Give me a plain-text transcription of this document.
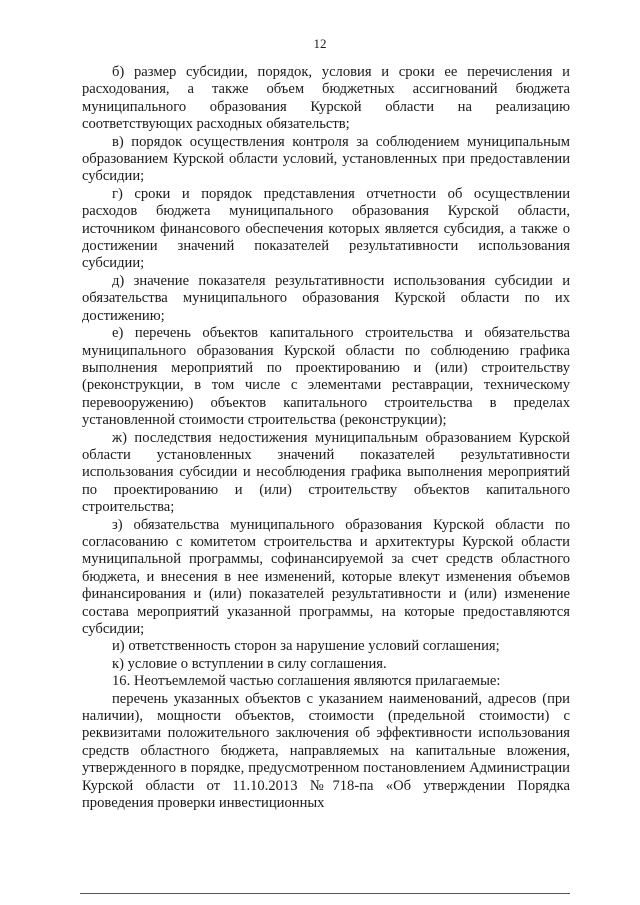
12

б) размер субсидии, порядок, условия и сроки ее перечисления и расходования, а также объем бюджетных ассигнований бюджета муниципального образования Курской области на реализацию соответствующих расходных обязательств;

в) порядок осуществления контроля за соблюдением муниципальным образованием Курской области условий, установленных при предоставлении субсидии;

г) сроки и порядок представления отчетности об осуществлении расходов бюджета муниципального образования Курской области, источником финансового обеспечения которых является субсидия, а также о достижении значений показателей результативности использования субсидии;

д) значение показателя результативности использования субсидии и обязательства муниципального образования Курской области по их достижению;

е) перечень объектов капитального строительства и обязательства муниципального образования Курской области по соблюдению графика выполнения мероприятий по проектированию и (или) строительству (реконструкции, в том числе с элементами реставрации, техническому перевооружению) объектов капитального строительства в пределах установленной стоимости строительства (реконструкции);

ж) последствия недостижения муниципальным образованием Курской области установленных значений показателей результативности использования субсидии и несоблюдения графика выполнения мероприятий по проектированию и (или) строительству объектов капитального строительства;

з) обязательства муниципального образования Курской области по согласованию с комитетом строительства и архитектуры Курской области муниципальной программы, софинансируемой за счет средств областного бюджета, и внесения в нее изменений, которые влекут изменения объемов финансирования и (или) показателей результативности и (или) изменение состава мероприятий указанной программы, на которые предоставляются субсидии;

и) ответственность сторон за нарушение условий соглашения;

к) условие о вступлении в силу соглашения.

16. Неотъемлемой частью соглашения являются прилагаемые:

перечень указанных объектов с указанием наименований, адресов (при наличии), мощности объектов, стоимости (предельной стоимости) с реквизитами положительного заключения об эффективности использования средств областного бюджета, направляемых на капитальные вложения, утвержденного в порядке, предусмотренном постановлением Администрации Курской области от 11.10.2013 №718-па «Об утверждении Порядка проведения проверки инвестиционных
